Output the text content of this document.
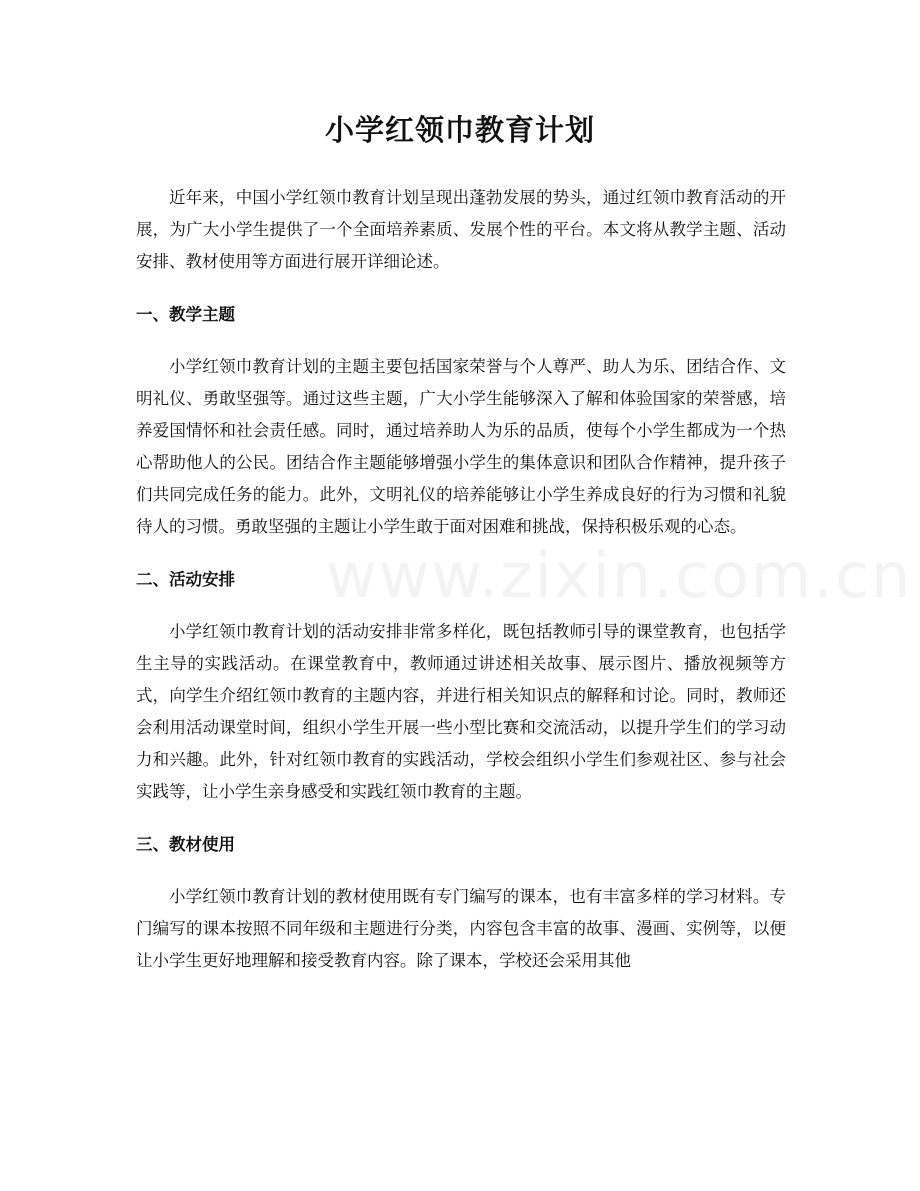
小学红领巾教育计划

近年来，中国小学红领巾教育计划呈现出蓬勃发展的势头，通过红领巾教育活动的开展，为广大小学生提供了一个全面培养素质、发展个性的平台。本文将从教学主题、活动安排、教材使用等方面进行展开详细论述。

一、教学主题

小学红领巾教育计划的主题主要包括国家荣誉与个人尊严、助人为乐、团结合作、文明礼仪、勇敢坚强等。通过这些主题，广大小学生能够深入了解和体验国家的荣誉感，培养爱国情怀和社会责任感。同时，通过培养助人为乐的品质，使每个小学生都成为一个热心帮助他人的公民。团结合作主题能够增强小学生的集体意识和团队合作精神，提升孩子们共同完成任务的能力。此外，文明礼仪的培养能够让小学生养成良好的行为习惯和礼貌待人的习惯。勇敢坚强的主题让小学生敢于面对困难和挑战，保持积极乐观的心态。

二、活动安排

小学红领巾教育计划的活动安排非常多样化，既包括教师引导的课堂教育，也包括学生主导的实践活动。在课堂教育中，教师通过讲述相关故事、展示图片、播放视频等方式，向学生介绍红领巾教育的主题内容，并进行相关知识点的解释和讨论。同时，教师还会利用活动课堂时间，组织小学生开展一些小型比赛和交流活动，以提升学生们的学习动力和兴趣。此外，针对红领巾教育的实践活动，学校会组织小学生们参观社区、参与社会实践等，让小学生亲身感受和实践红领巾教育的主题。

三、教材使用

小学红领巾教育计划的教材使用既有专门编写的课本，也有丰富多样的学习材料。专门编写的课本按照不同年级和主题进行分类，内容包含丰富的故事、漫画、实例等，以便让小学生更好地理解和接受教育内容。除了课本，学校还会采用其他

www.zixin.com.cn
